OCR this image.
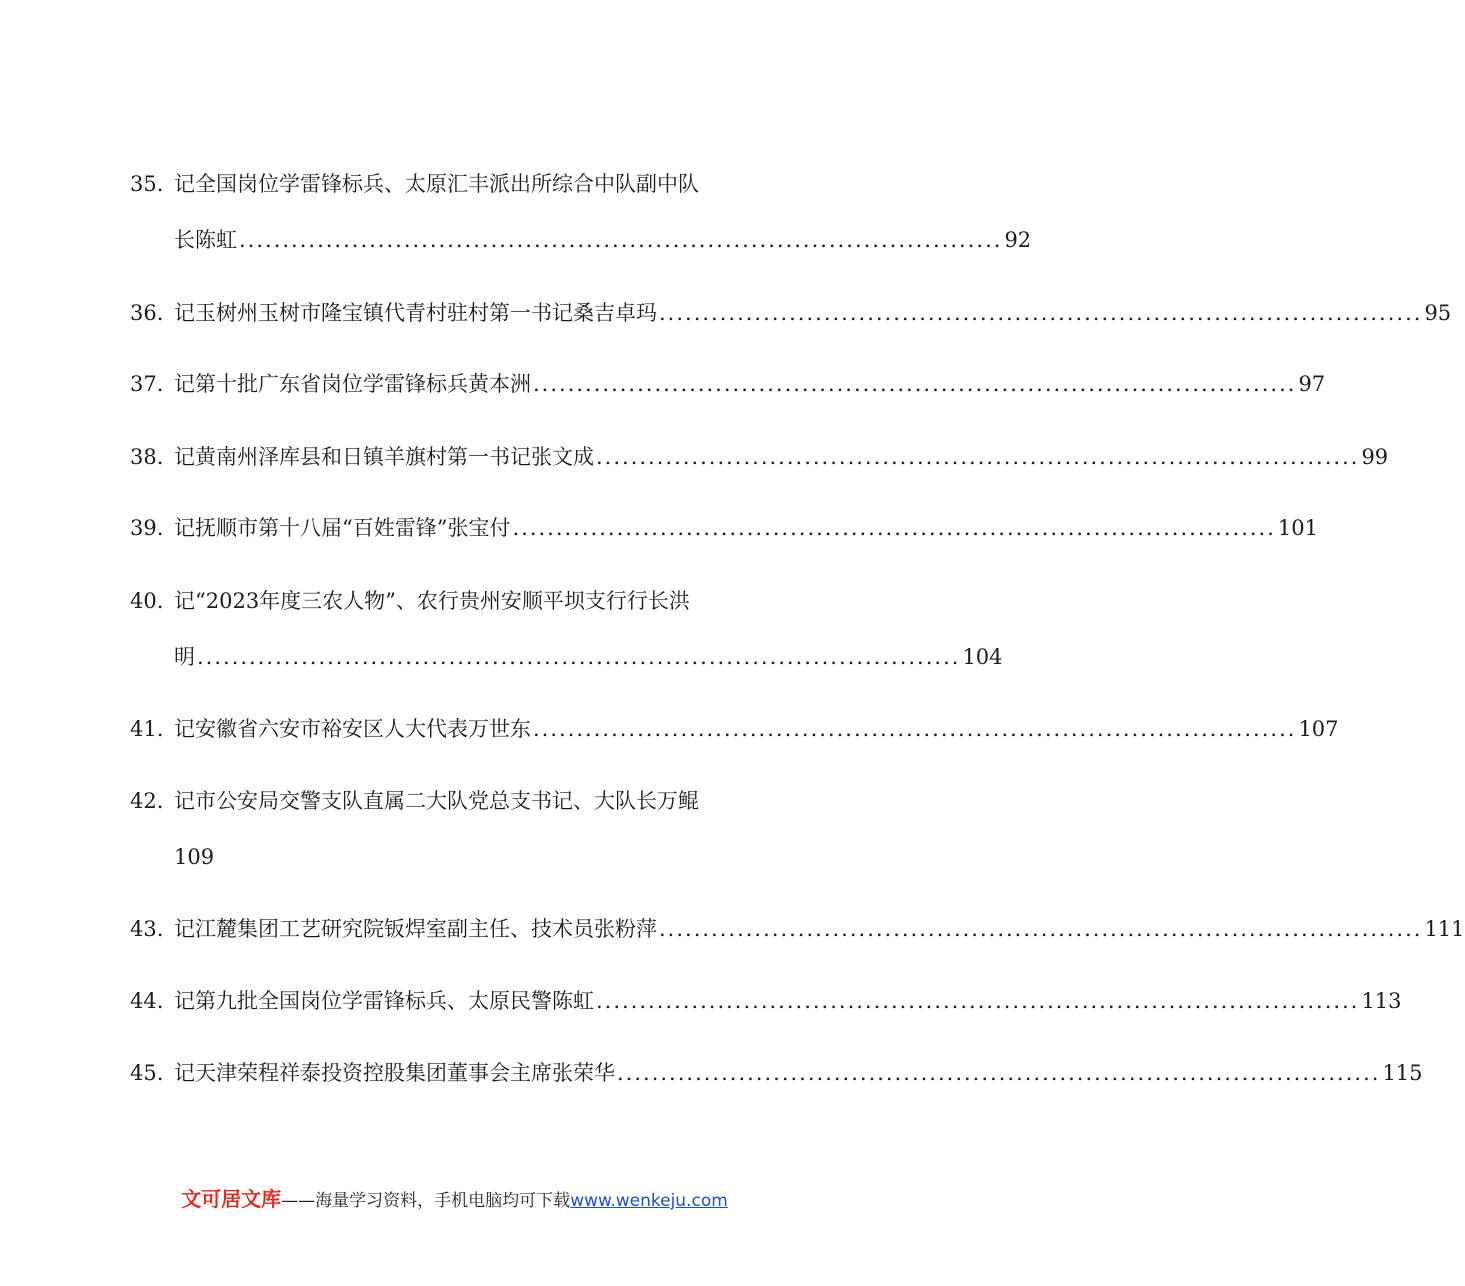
35. 记全国岗位学雷锋标兵、太原汇丰派出所综合中队副中队
长陈虹 ........................................................................................ 92
36. 记玉树州玉树市隆宝镇代青村驻村第一书记桑吉卓玛 ........................................................................................ 95
37. 记第十批广东省岗位学雷锋标兵黄本洲 ........................................................................................ 97
38. 记黄南州泽库县和日镇羊旗村第一书记张文成 ........................................................................................ 99
39. 记抚顺市第十八届“百姓雷锋”张宝付 ........................................................................................ 101
40. 记“2023年度三农人物”、农行贵州安顺平坝支行行长洪
明 ........................................................................................ 104
41. 记安徽省六安市裕安区人大代表万世东 ........................................................................................ 107
42. 记市公安局交警支队直属二大队党总支书记、大队长万鲲
109
43. 记江麓集团工艺研究院钣焊室副主任、技术员张粉萍 ........................................................................................ 111
44. 记第九批全国岗位学雷锋标兵、太原民警陈虹 ........................................................................................ 113
45. 记天津荣程祥泰投资控股集团董事会主席张荣华 ........................................................................................ 115
文可居文库——海量学习资料，手机电脑均可下载www.wenkeju.com
